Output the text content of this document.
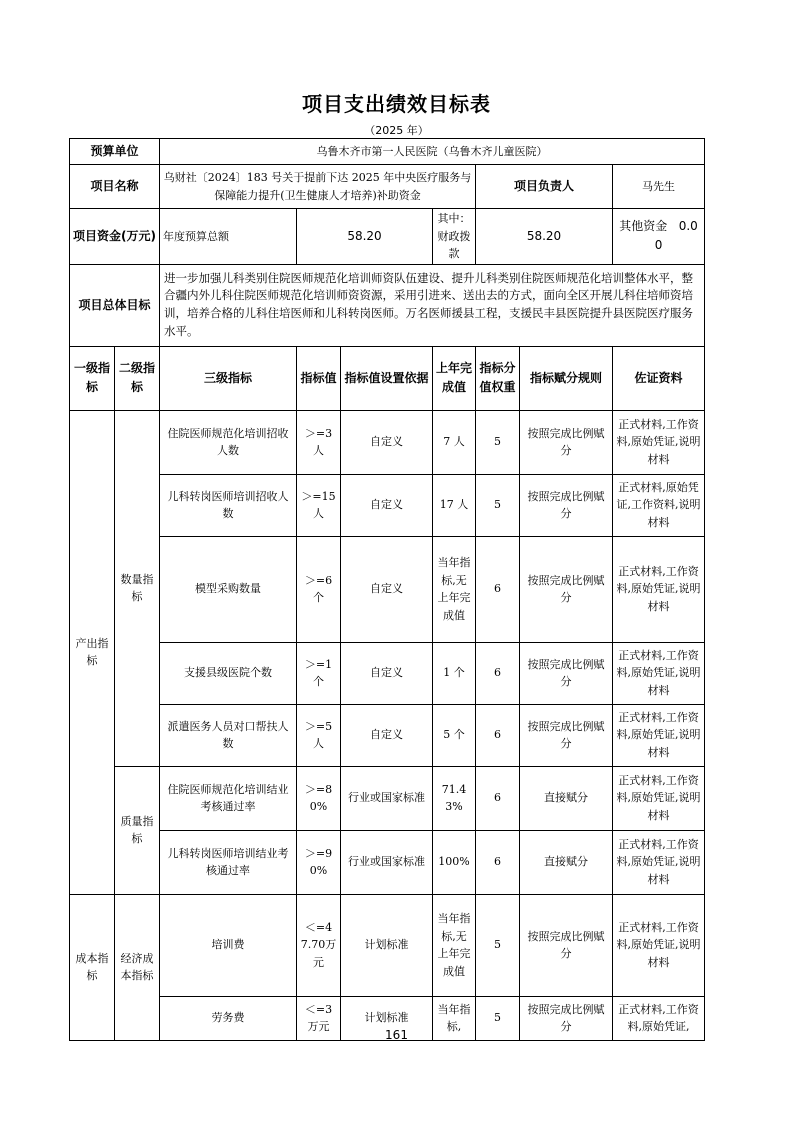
项目支出绩效目标表
（2025 年）
预算单位		乌鲁木齐市第一人民医院（乌鲁木齐儿童医院）						
项目名称		乌财社〔2024〕183 号关于提前下达 2025 年中央医疗服务与保障能力提升(卫生健康人才培养)补助资金				项目负责人		马先生
项目资金(万元)		年度预算总额	58.20		其中：财政拨款	58.20		其他资金 0.00
项目总体目标		进一步加强儿科类别住院医师规范化培训师资队伍建设、提升儿科类别住院医师规范化培训整体水平，整合疆内外儿科住院医师规范化培训师资资源，采用引进来、送出去的方式，面向全区开展儿科住培师资培训，培养合格的儿科住培医师和儿科转岗医师。万名医师援县工程，支援民丰县医院提升县医院医疗服务水平。						
一级指标	二级指标	三级指标	指标值	指标值设置依据	上年完成值	指标分值权重	指标赋分规则	佐证资料
产出指标	数量指标	住院医师规范化培训招收人数	＞=3人	自定义	7 人	5	按照完成比例赋分	正式材料,工作资料,原始凭证,说明材料
		儿科转岗医师培训招收人数	＞=15人	自定义	17 人	5	按照完成比例赋分	正式材料,原始凭证,工作资料,说明材料
		模型采购数量	＞=6个	自定义	当年指标,无上年完成值	6	按照完成比例赋分	正式材料,工作资料,原始凭证,说明材料
		支援县级医院个数	＞=1个	自定义	1 个	6	按照完成比例赋分	正式材料,工作资料,原始凭证,说明材料
		派遣医务人员对口帮扶人数	＞=5人	自定义	5 个	6	按照完成比例赋分	正式材料,工作资料,原始凭证,说明材料
	质量指标	住院医师规范化培训结业考核通过率	＞=80%	行业或国家标准	71.43%	6	直接赋分	正式材料,工作资料,原始凭证,说明材料
		儿科转岗医师培训结业考核通过率	＞=90%	行业或国家标准	100%	6	直接赋分	正式材料,工作资料,原始凭证,说明材料
成本指标	经济成本指标	培训费	＜=47.70万元	计划标准	当年指标,无上年完成值	5	按照完成比例赋分	正式材料,工作资料,原始凭证,说明材料
		劳务费	＜=3万元	计划标准	当年指标,	5	按照完成比例赋分	正式材料,工作资料,原始凭证,
161
